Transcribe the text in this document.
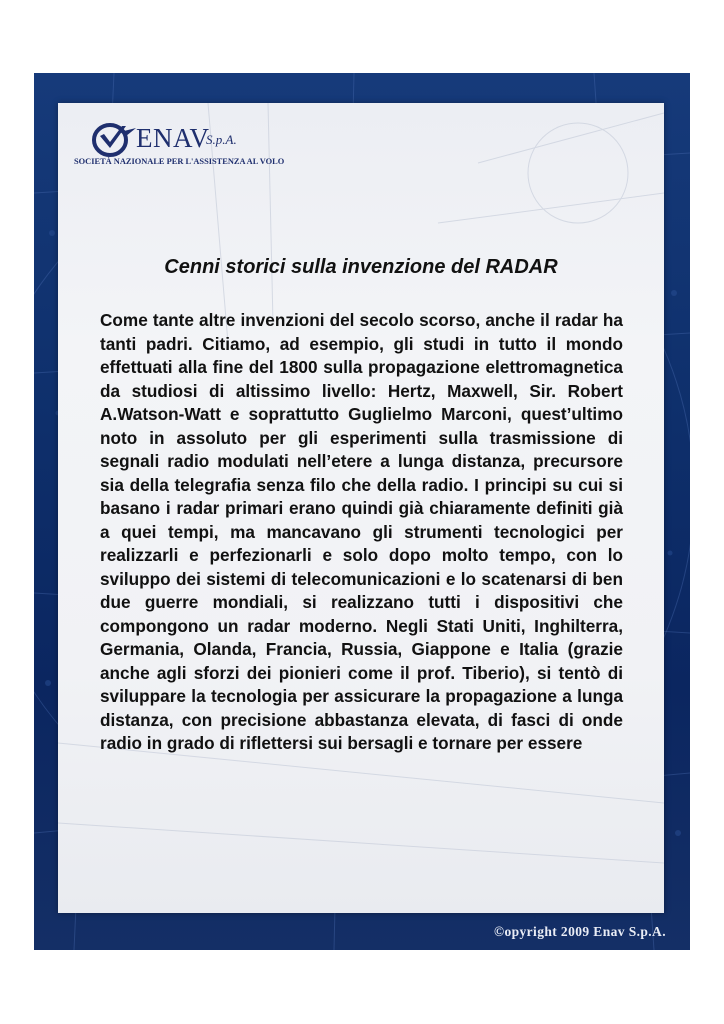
ENAV
S.p.A.
SOCIETÀ NAZIONALE PER L'ASSISTENZA AL VOLO
Cenni storici sulla invenzione del RADAR

Come tante altre invenzioni del secolo scorso, anche il radar ha tanti padri. Citiamo, ad esempio, gli studi in tutto il mondo effettuati alla fine del 1800 sulla propagazione elettromagnetica da studiosi di altissimo livello: Hertz, Maxwell, Sir. Robert A.Watson-Watt e soprattutto Guglielmo Marconi, quest’ultimo noto in assoluto per gli esperimenti sulla trasmissione di segnali radio modulati nell’etere a lunga distanza, precursore sia della telegrafia senza filo che della radio. I principi su cui si basano i radar primari erano quindi già chiaramente definiti già a quei tempi, ma mancavano gli strumenti tecnologici per realizzarli e perfezionarli e solo dopo molto tempo, con lo sviluppo dei sistemi di telecomunicazioni e lo scatenarsi di ben due guerre mondiali, si realizzano tutti i dispositivi che compongono un radar moderno. Negli Stati Uniti, Inghilterra, Germania, Olanda, Francia, Russia, Giappone e Italia (grazie anche agli sforzi dei pionieri come il prof. Tiberio), si tentò di sviluppare la tecnologia per assicurare la propagazione a lunga distanza, con precisione abbastanza elevata, di fasci di onde radio in grado di riflettersi sui bersagli e tornare per essere

©opyright 2009 Enav S.p.A.
